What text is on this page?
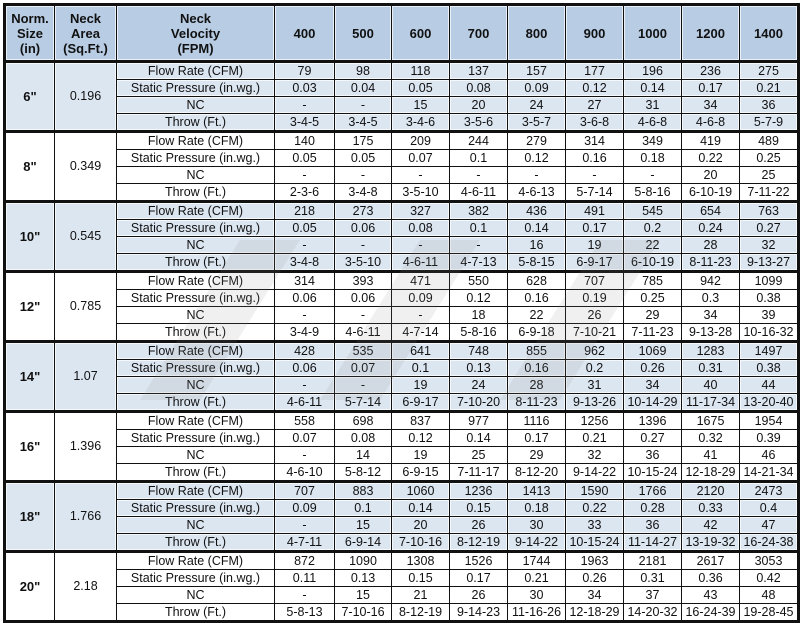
Norm. Size (in)	Neck Area (Sq.Ft.)	Neck Velocity (FPM)	400	500	600	700	800	900	1000	1200	1400
6"	0.196	Flow Rate (CFM)	79	98	118	137	157	177	196	236	275
		Static Pressure (in.wg.)	0.03	0.04	0.05	0.08	0.09	0.12	0.14	0.17	0.21
		NC	-	-	15	20	24	27	31	34	36
		Throw (Ft.)	3-4-5	3-4-5	3-4-6	3-5-6	3-5-7	3-6-8	4-6-8	4-6-8	5-7-9
8"	0.349	Flow Rate (CFM)	140	175	209	244	279	314	349	419	489
		Static Pressure (in.wg.)	0.05	0.05	0.07	0.1	0.12	0.16	0.18	0.22	0.25
		NC	-	-	-	-	-	-	-	20	25
		Throw (Ft.)	2-3-6	3-4-8	3-5-10	4-6-11	4-6-13	5-7-14	5-8-16	6-10-19	7-11-22
10"	0.545	Flow Rate (CFM)	218	273	327	382	436	491	545	654	763
		Static Pressure (in.wg.)	0.05	0.06	0.08	0.1	0.14	0.17	0.2	0.24	0.27
		NC	-	-	-	-	16	19	22	28	32
		Throw (Ft.)	3-4-8	3-5-10	4-6-11	4-7-13	5-8-15	6-9-17	6-10-19	8-11-23	9-13-27
12"	0.785	Flow Rate (CFM)	314	393	471	550	628	707	785	942	1099
		Static Pressure (in.wg.)	0.06	0.06	0.09	0.12	0.16	0.19	0.25	0.3	0.38
		NC	-	-	-	18	22	26	29	34	39
		Throw (Ft.)	3-4-9	4-6-11	4-7-14	5-8-16	6-9-18	7-10-21	7-11-23	9-13-28	10-16-32
14"	1.07	Flow Rate (CFM)	428	535	641	748	855	962	1069	1283	1497
		Static Pressure (in.wg.)	0.06	0.07	0.1	0.13	0.16	0.2	0.26	0.31	0.38
		NC	-	-	19	24	28	31	34	40	44
		Throw (Ft.)	4-6-11	5-7-14	6-9-17	7-10-20	8-11-23	9-13-26	10-14-29	11-17-34	13-20-40
16"	1.396	Flow Rate (CFM)	558	698	837	977	1116	1256	1396	1675	1954
		Static Pressure (in.wg.)	0.07	0.08	0.12	0.14	0.17	0.21	0.27	0.32	0.39
		NC	-	14	19	25	29	32	36	41	46
		Throw (Ft.)	4-6-10	5-8-12	6-9-15	7-11-17	8-12-20	9-14-22	10-15-24	12-18-29	14-21-34
18"	1.766	Flow Rate (CFM)	707	883	1060	1236	1413	1590	1766	2120	2473
		Static Pressure (in.wg.)	0.09	0.1	0.14	0.15	0.18	0.22	0.28	0.33	0.4
		NC	-	15	20	26	30	33	36	42	47
		Throw (Ft.)	4-7-11	6-9-14	7-10-16	8-12-19	9-14-22	10-15-24	11-14-27	13-19-32	16-24-38
20"	2.18	Flow Rate (CFM)	872	1090	1308	1526	1744	1963	2181	2617	3053
		Static Pressure (in.wg.)	0.11	0.13	0.15	0.17	0.21	0.26	0.31	0.36	0.42
		NC	-	15	21	26	30	34	37	43	48
		Throw (Ft.)	5-8-13	7-10-16	8-12-19	9-14-23	11-16-26	12-18-29	14-20-32	16-24-39	19-28-45
